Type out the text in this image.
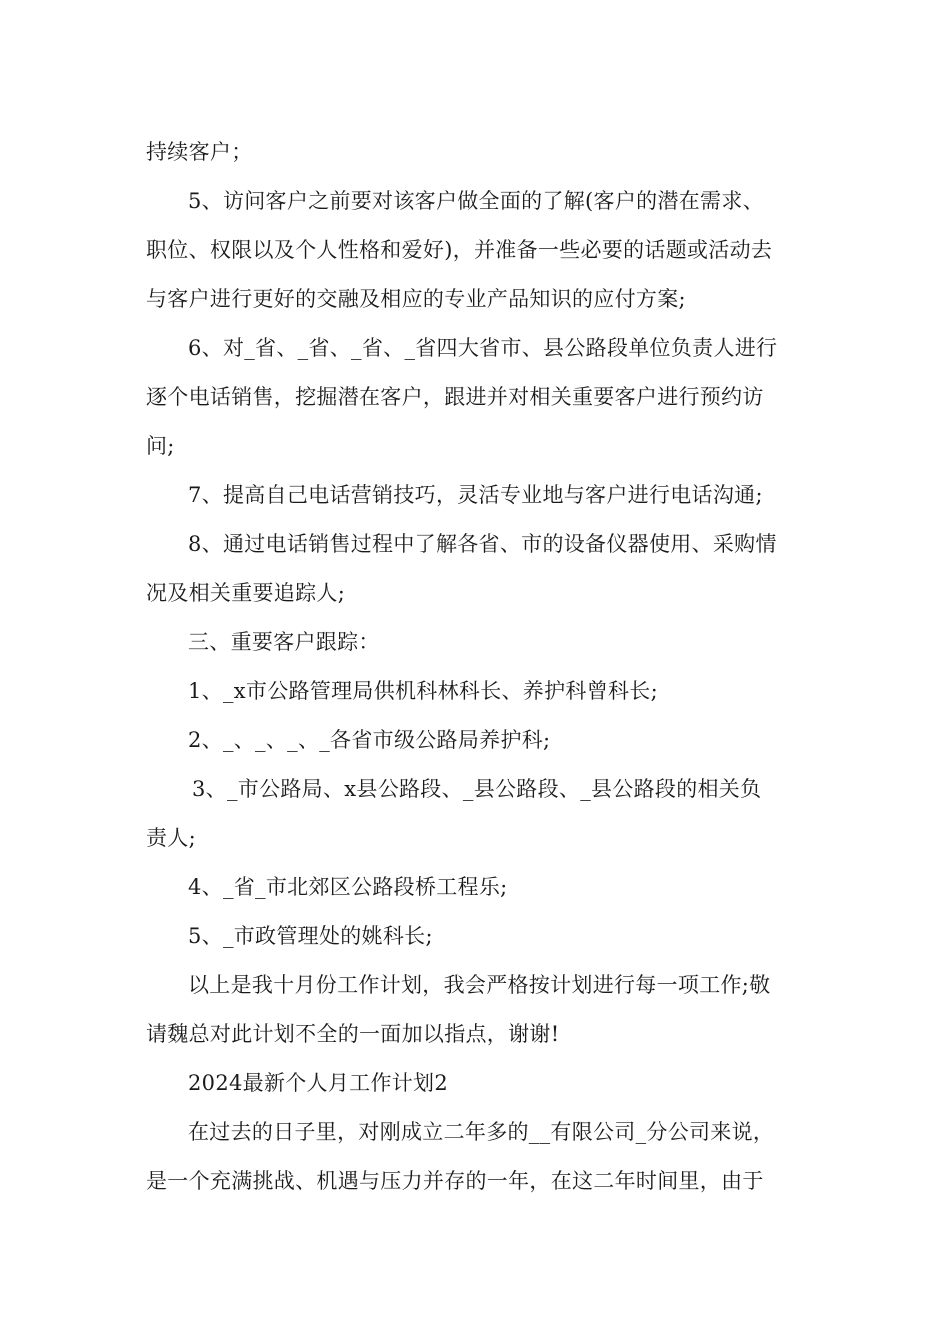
持续客户；

5、访问客户之前要对该客户做全面的了解(客户的潜在需求、

职位、权限以及个人性格和爱好)，并准备一些必要的话题或活动去

与客户进行更好的交融及相应的专业产品知识的应付方案;

6、对_省、_省、_省、_省四大省市、县公路段单位负责人进行

逐个电话销售，挖掘潜在客户，跟进并对相关重要客户进行预约访

问;

7、提高自己电话营销技巧，灵活专业地与客户进行电话沟通;

8、通过电话销售过程中了解各省、市的设备仪器使用、采购情

况及相关重要追踪人;

三、重要客户跟踪：

1、_x市公路管理局供机科林科长、养护科曾科长;

2、_、_、_、_各省市级公路局养护科;

3、_市公路局、x县公路段、_县公路段、_县公路段的相关负

责人;

4、_省_市北郊区公路段桥工程乐;

5、_市政管理处的姚科长;

以上是我十月份工作计划，我会严格按计划进行每一项工作;敬

请魏总对此计划不全的一面加以指点，谢谢!

2024最新个人月工作计划2

在过去的日子里，对刚成立二年多的__有限公司_分公司来说，

是一个充满挑战、机遇与压力并存的一年，在这二年时间里，由于
